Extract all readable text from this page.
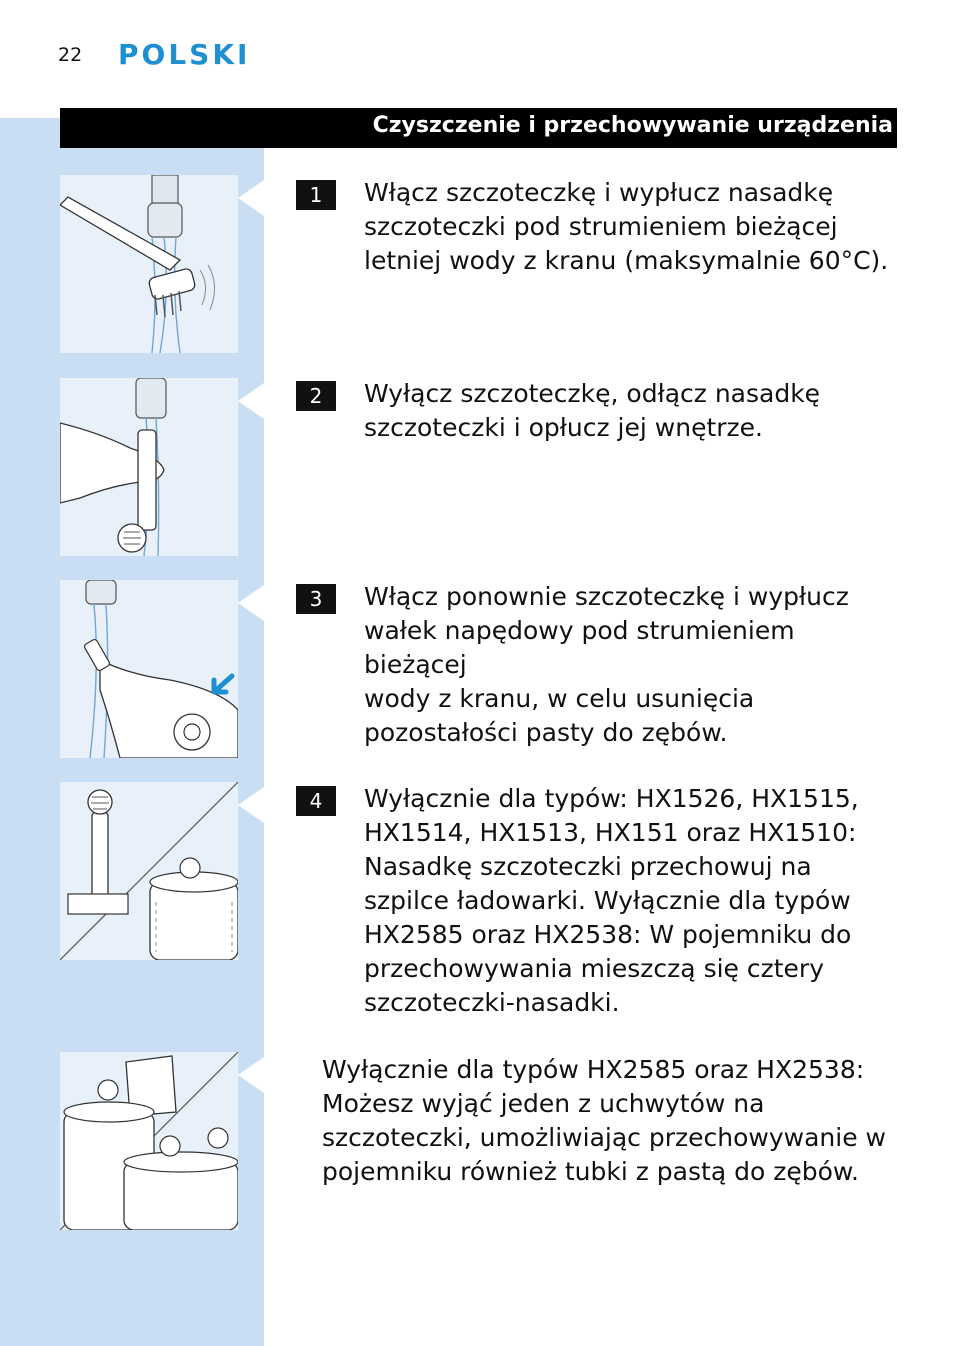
22 POLSKI
Czyszczenie i przechowywanie urządzenia
1	Włącz szczoteczkę i wypłucz nasadkę
szczoteczki pod strumieniem bieżącej
letniej wody z kranu (maksymalnie 60°C).
2	Wyłącz szczoteczkę, odłącz nasadkę
szczoteczki i opłucz jej wnętrze.
3	Włącz ponownie szczoteczkę i wypłucz
wałek napędowy pod strumieniem bieżącej
wody z kranu, w celu usunięcia
pozostałości pasty do zębów.
4	Wyłącznie dla typów: HX1526, HX1515,
HX1514, HX1513, HX151 oraz HX1510:
Nasadkę szczoteczki przechowuj na
szpilce ładowarki. Wyłącznie dla typów
HX2585 oraz HX2538: W pojemniku do
przechowywania mieszczą się cztery
szczoteczki-nasadki.
Wyłącznie dla typów HX2585 oraz HX2538:
Możesz wyjąć jeden z uchwytów na
szczoteczki, umożliwiając przechowywanie w
pojemniku również tubki z pastą do zębów.
